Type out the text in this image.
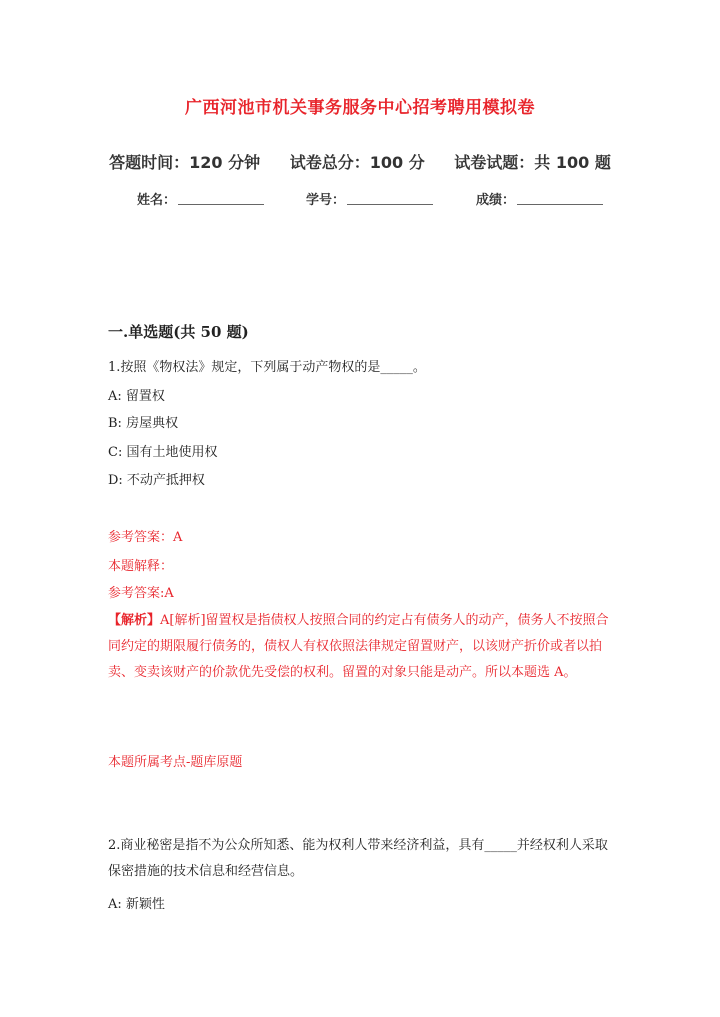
广西河池市机关事务服务中心招考聘用模拟卷
答题时间：120 分钟 试卷总分：100 分 试卷试题：共 100 题
姓名：	学号：	成绩：
一.单选题(共 50 题)
1.按照《物权法》规定，下列属于动产物权的是_____。
A: 留置权
B: 房屋典权
C: 国有土地使用权
D: 不动产抵押权
参考答案：A
本题解释：
参考答案:A
【解析】A[解析]留置权是指债权人按照合同的约定占有债务人的动产，债务人不按照合同约定的期限履行债务的，债权人有权依照法律规定留置财产，以该财产折价或者以拍卖、变卖该财产的价款优先受偿的权利。留置的对象只能是动产。所以本题选 A。
本题所属考点-题库原题
2.商业秘密是指不为公众所知悉、能为权利人带来经济利益，具有_____并经权利人采取保密措施的技术信息和经营信息。
A: 新颖性
